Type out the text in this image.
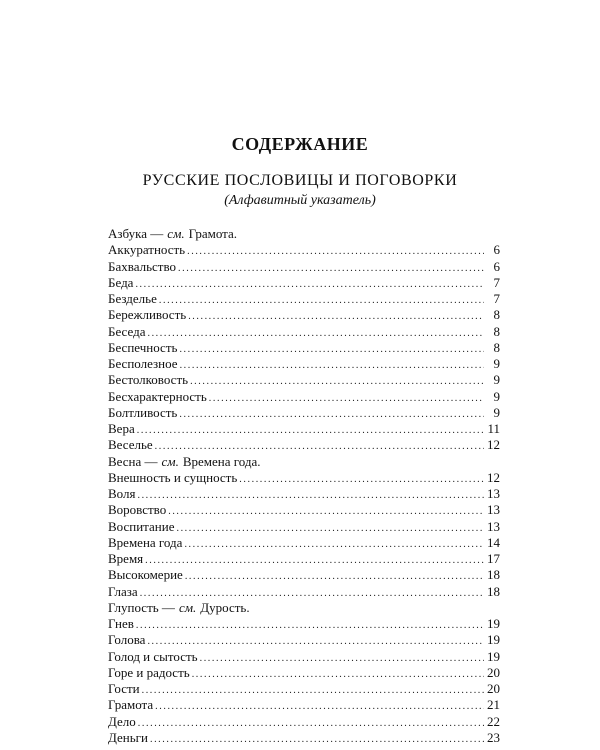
СОДЕРЖАНИЕ
РУССКИЕ ПОСЛОВИЦЫ И ПОГОВОРКИ
(Алфавитный указатель)
Азбука — см. Грамота.
Аккуратность .....	6
Бахвальство .....	6
Беда .....	7
Безделье .....	7
Бережливость .....	8
Беседа .....	8
Беспечность .....	8
Бесполезное .....	9
Бестолковость .....	9
Бесхарактерность .....	9
Болтливость .....	9
Вера .....	11
Веселье .....	12
Весна — см. Времена года.
Внешность и сущность .....	12
Воля .....	13
Воровство .....	13
Воспитание .....	13
Времена года .....	14
Время .....	17
Высокомерие .....	18
Глаза .....	18
Глупость — см. Дурость.
Гнев .....	19
Голова .....	19
Голод и сытость .....	19
Горе и радость .....	20
Гости .....	20
Грамота .....	21
Дело .....	22
Деньги .....	23
